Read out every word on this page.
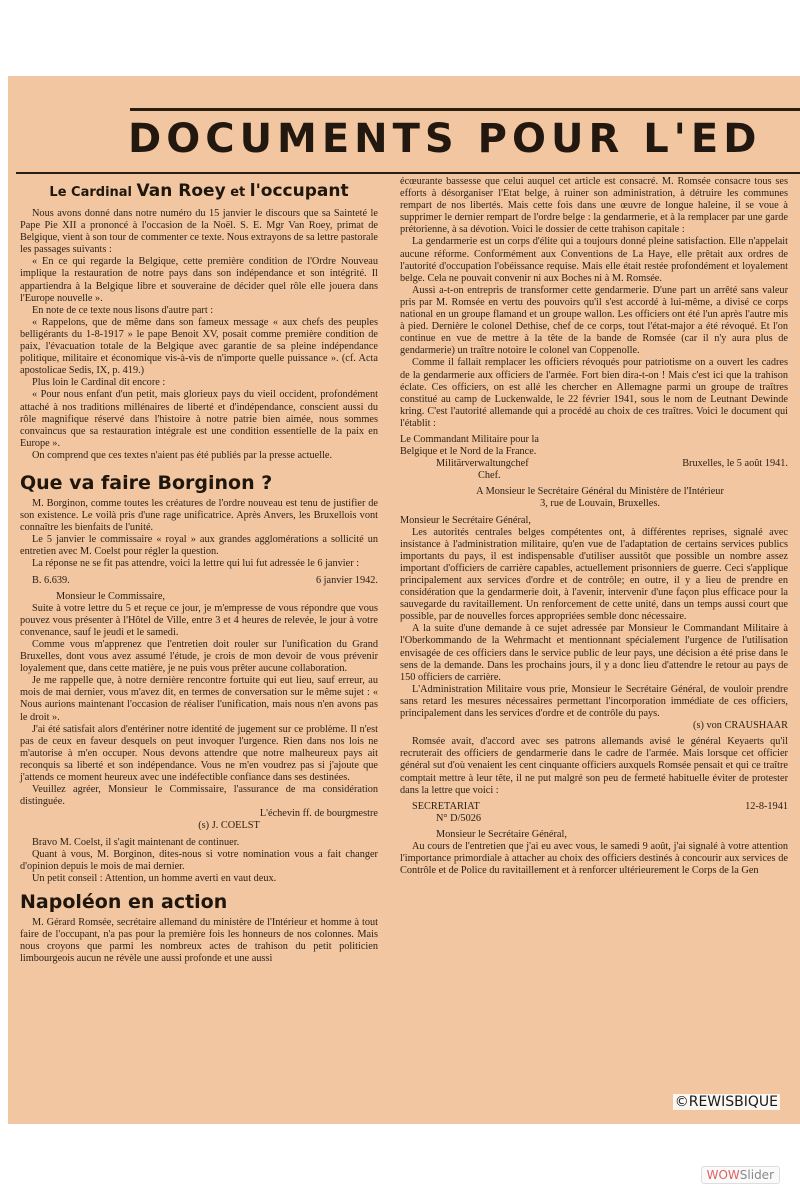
DOCUMENTS POUR L'ED
Le Cardinal Van Roey et l'occupant

Nous avons donné dans notre numéro du 15 janvier le discours que sa Sainteté le Pape Pie XII a prononcé à l'occasion de la Noël. S. E. Mgr Van Roey, primat de Belgique, vient à son tour de commenter ce texte. Nous extrayons de sa lettre pastorale les passages suivants :

« En ce qui regarde la Belgique, cette première condition de l'Ordre Nouveau implique la restauration de notre pays dans son indépendance et son intégrité. Il appartiendra à la Belgique libre et souveraine de décider quel rôle elle jouera dans l'Europe nouvelle ».

En note de ce texte nous lisons d'autre part :

« Rappelons, que de même dans son fameux message « aux chefs des peuples belligérants du 1-8-1917 » le pape Benoit XV, posait comme première condition de paix, l'évacuation totale de la Belgique avec garantie de sa pleine indépendance politique, militaire et économique vis-à-vis de n'importe quelle puissance ». (cf. Acta apostolicae Sedis, IX, p. 419.)

Plus loin le Cardinal dit encore :

« Pour nous enfant d'un petit, mais glorieux pays du vieil occident, profondément attaché à nos traditions millénaires de liberté et d'indépendance, conscient aussi du rôle magnifique réservé dans l'histoire à notre patrie bien aimée, nous sommes convaincus que sa restauration intégrale est une condition essentielle de la paix en Europe ».

On comprend que ces textes n'aient pas été publiés par la presse actuelle.

Que va faire Borginon ?

M. Borginon, comme toutes les créatures de l'ordre nouveau est tenu de justifier de son existence. Le voilà pris d'une rage unificatrice. Après Anvers, les Bruxellois vont connaître les bienfaits de l'unité.

Le 5 janvier le commissaire « royal » aux grandes agglomérations a sollicité un entretien avec M. Coelst pour régler la question.

La réponse ne se fit pas attendre, voici la lettre qui lui fut adressée le 6 janvier :

B. 6.639.	6 janvier 1942.

Monsieur le Commissaire,

Suite à votre lettre du 5 et reçue ce jour, je m'empresse de vous répondre que vous pouvez vous présenter à l'Hôtel de Ville, entre 3 et 4 heures de relevée, le jour à votre convenance, sauf le jeudi et le samedi.

Comme vous m'apprenez que l'entretien doit rouler sur l'unification du Grand Bruxelles, dont vous avez assumé l'étude, je crois de mon devoir de vous prévenir loyalement que, dans cette matière, je ne puis vous prêter aucune collaboration.

Je me rappelle que, à notre dernière rencontre fortuite qui eut lieu, sauf erreur, au mois de mai dernier, vous m'avez dit, en termes de conversation sur le même sujet : « Nous aurions maintenant l'occasion de réaliser l'unification, mais nous n'en avons pas le droit ».

J'ai été satisfait alors d'entériner notre identité de jugement sur ce problème. Il n'est pas de ceux en faveur desquels on peut invoquer l'urgence. Rien dans nos lois ne m'autorise à m'en occuper. Nous devons attendre que notre malheureux pays ait reconquis sa liberté et son indépendance. Vous ne m'en voudrez pas si j'ajoute que j'attends ce moment heureux avec une indéfectible confiance dans ses destinées.

Veuillez agréer, Monsieur le Commissaire, l'assurance de ma considération distinguée.

L'échevin ff. de bourgmestre

(s) J. COELST

Bravo M. Coelst, il s'agit maintenant de continuer.

Quant à vous, M. Borginon, dites-nous si votre nomination vous a fait changer d'opinion depuis le mois de mai dernier.

Un petit conseil : Attention, un homme averti en vaut deux.

Napoléon en action

M. Gérard Romsée, secrétaire allemand du ministère de l'Intérieur et homme à tout faire de l'occupant, n'a pas pour la première fois les honneurs de nos colonnes. Mais nous croyons que parmi les nombreux actes de trahison du petit politicien limbourgeois aucun ne révèle une aussi profonde et une aussi

écœurante bassesse que celui auquel cet article est consacré. M. Romsée consacre tous ses efforts à désorganiser l'Etat belge, à ruiner son administration, à détruire les communes rempart de nos libertés. Mais cette fois dans une œuvre de longue haleine, il se voue à supprimer le dernier rempart de l'ordre belge : la gendarmerie, et à la remplacer par une garde prétorienne, à sa dévotion. Voici le dossier de cette trahison capitale :

La gendarmerie est un corps d'élite qui a toujours donné pleine satisfaction. Elle n'appelait aucune réforme. Conformément aux Conventions de La Haye, elle prêtait aux ordres de l'autorité d'occupation l'obéissance requise. Mais elle était restée profondément et loyalement belge. Cela ne pouvait convenir ni aux Boches ni à M. Romsée.

Aussi a-t-on entrepris de transformer cette gendarmerie. D'une part un arrêté sans valeur pris par M. Romsée en vertu des pouvoirs qu'il s'est accordé à lui-même, a divisé ce corps national en un groupe flamand et un groupe wallon. Les officiers ont été l'un après l'autre mis à pied. Dernière le colonel Dethise, chef de ce corps, tout l'état-major a été révoqué. Et l'on continue en vue de mettre à la tête de la bande de Romsée (car il n'y aura plus de gendarmerie) un traître notoire le colonel van Coppenolle.

Comme il fallait remplacer les officiers révoqués pour patriotisme on a ouvert les cadres de la gendarmerie aux officiers de l'armée. Fort bien dira-t-on ! Mais c'est ici que la trahison éclate. Ces officiers, on est allé les chercher en Allemagne parmi un groupe de traîtres constitué au camp de Luckenwalde, le 22 février 1941, sous le nom de Leutnant Dewinde kring. C'est l'autorité allemande qui a procédé au choix de ces traîtres. Voici le document qui l'établit :

Le Commandant Militaire pour la

Belgique et le Nord de la France.

Militärverwaltungchef	Bruxelles, le 5 août 1941.

Chef.

A Monsieur le Secrétaire Général du Ministère de l'Intérieur

3, rue de Louvain, Bruxelles.

Monsieur le Secrétaire Général,

Les autorités centrales belges compétentes ont, à différentes reprises, signalé avec insistance à l'administration militaire, qu'en vue de l'adaptation de certains services publics importants du pays, il est indispensable d'utiliser aussitôt que possible un nombre assez important d'officiers de carrière capables, actuellement prisonniers de guerre. Ceci s'applique principalement aux services d'ordre et de contrôle; en outre, il y a lieu de prendre en considération que la gendarmerie doit, à l'avenir, intervenir d'une façon plus efficace pour la sauvegarde du ravitaillement. Un renforcement de cette unité, dans un temps aussi court que possible, par de nouvelles forces appropriées semble donc nécessaire.

A la suite d'une demande à ce sujet adressée par Monsieur le Commandant Militaire à l'Oberkommando de la Wehrmacht et mentionnant spécialement l'urgence de l'utilisation envisagée de ces officiers dans le service public de leur pays, une décision a été prise dans le sens de la demande. Dans les prochains jours, il y a donc lieu d'attendre le retour au pays de 150 officiers de carrière.

L'Administration Militaire vous prie, Monsieur le Secrétaire Général, de vouloir prendre sans retard les mesures nécessaires permettant l'incorporation immédiate de ces officiers, principalement dans les services d'ordre et de contrôle du pays.

(s) von CRAUSHAAR

Romsée avait, d'accord avec ses patrons allemands avisé le général Keyaerts qu'il recruterait des officiers de gendarmerie dans le cadre de l'armée. Mais lorsque cet officier général sut d'où venaient les cent cinquante officiers auxquels Romsée pensait et qui ce traître comptait mettre à leur tête, il ne put malgré son peu de fermeté habituelle éviter de protester dans la lettre que voici :

SECRETARIAT	12-8-1941

N° D/5026

Monsieur le Secrétaire Général,

Au cours de l'entretien que j'ai eu avec vous, le samedi 9 août, j'ai signalé à votre attention l'importance primordiale à attacher au choix des officiers destinés à concourir aux services de Contrôle et de Police du ravitaillement et à renforcer ultérieurement le Corps de la Gen

©REWISBIQUE
WOWSlider
